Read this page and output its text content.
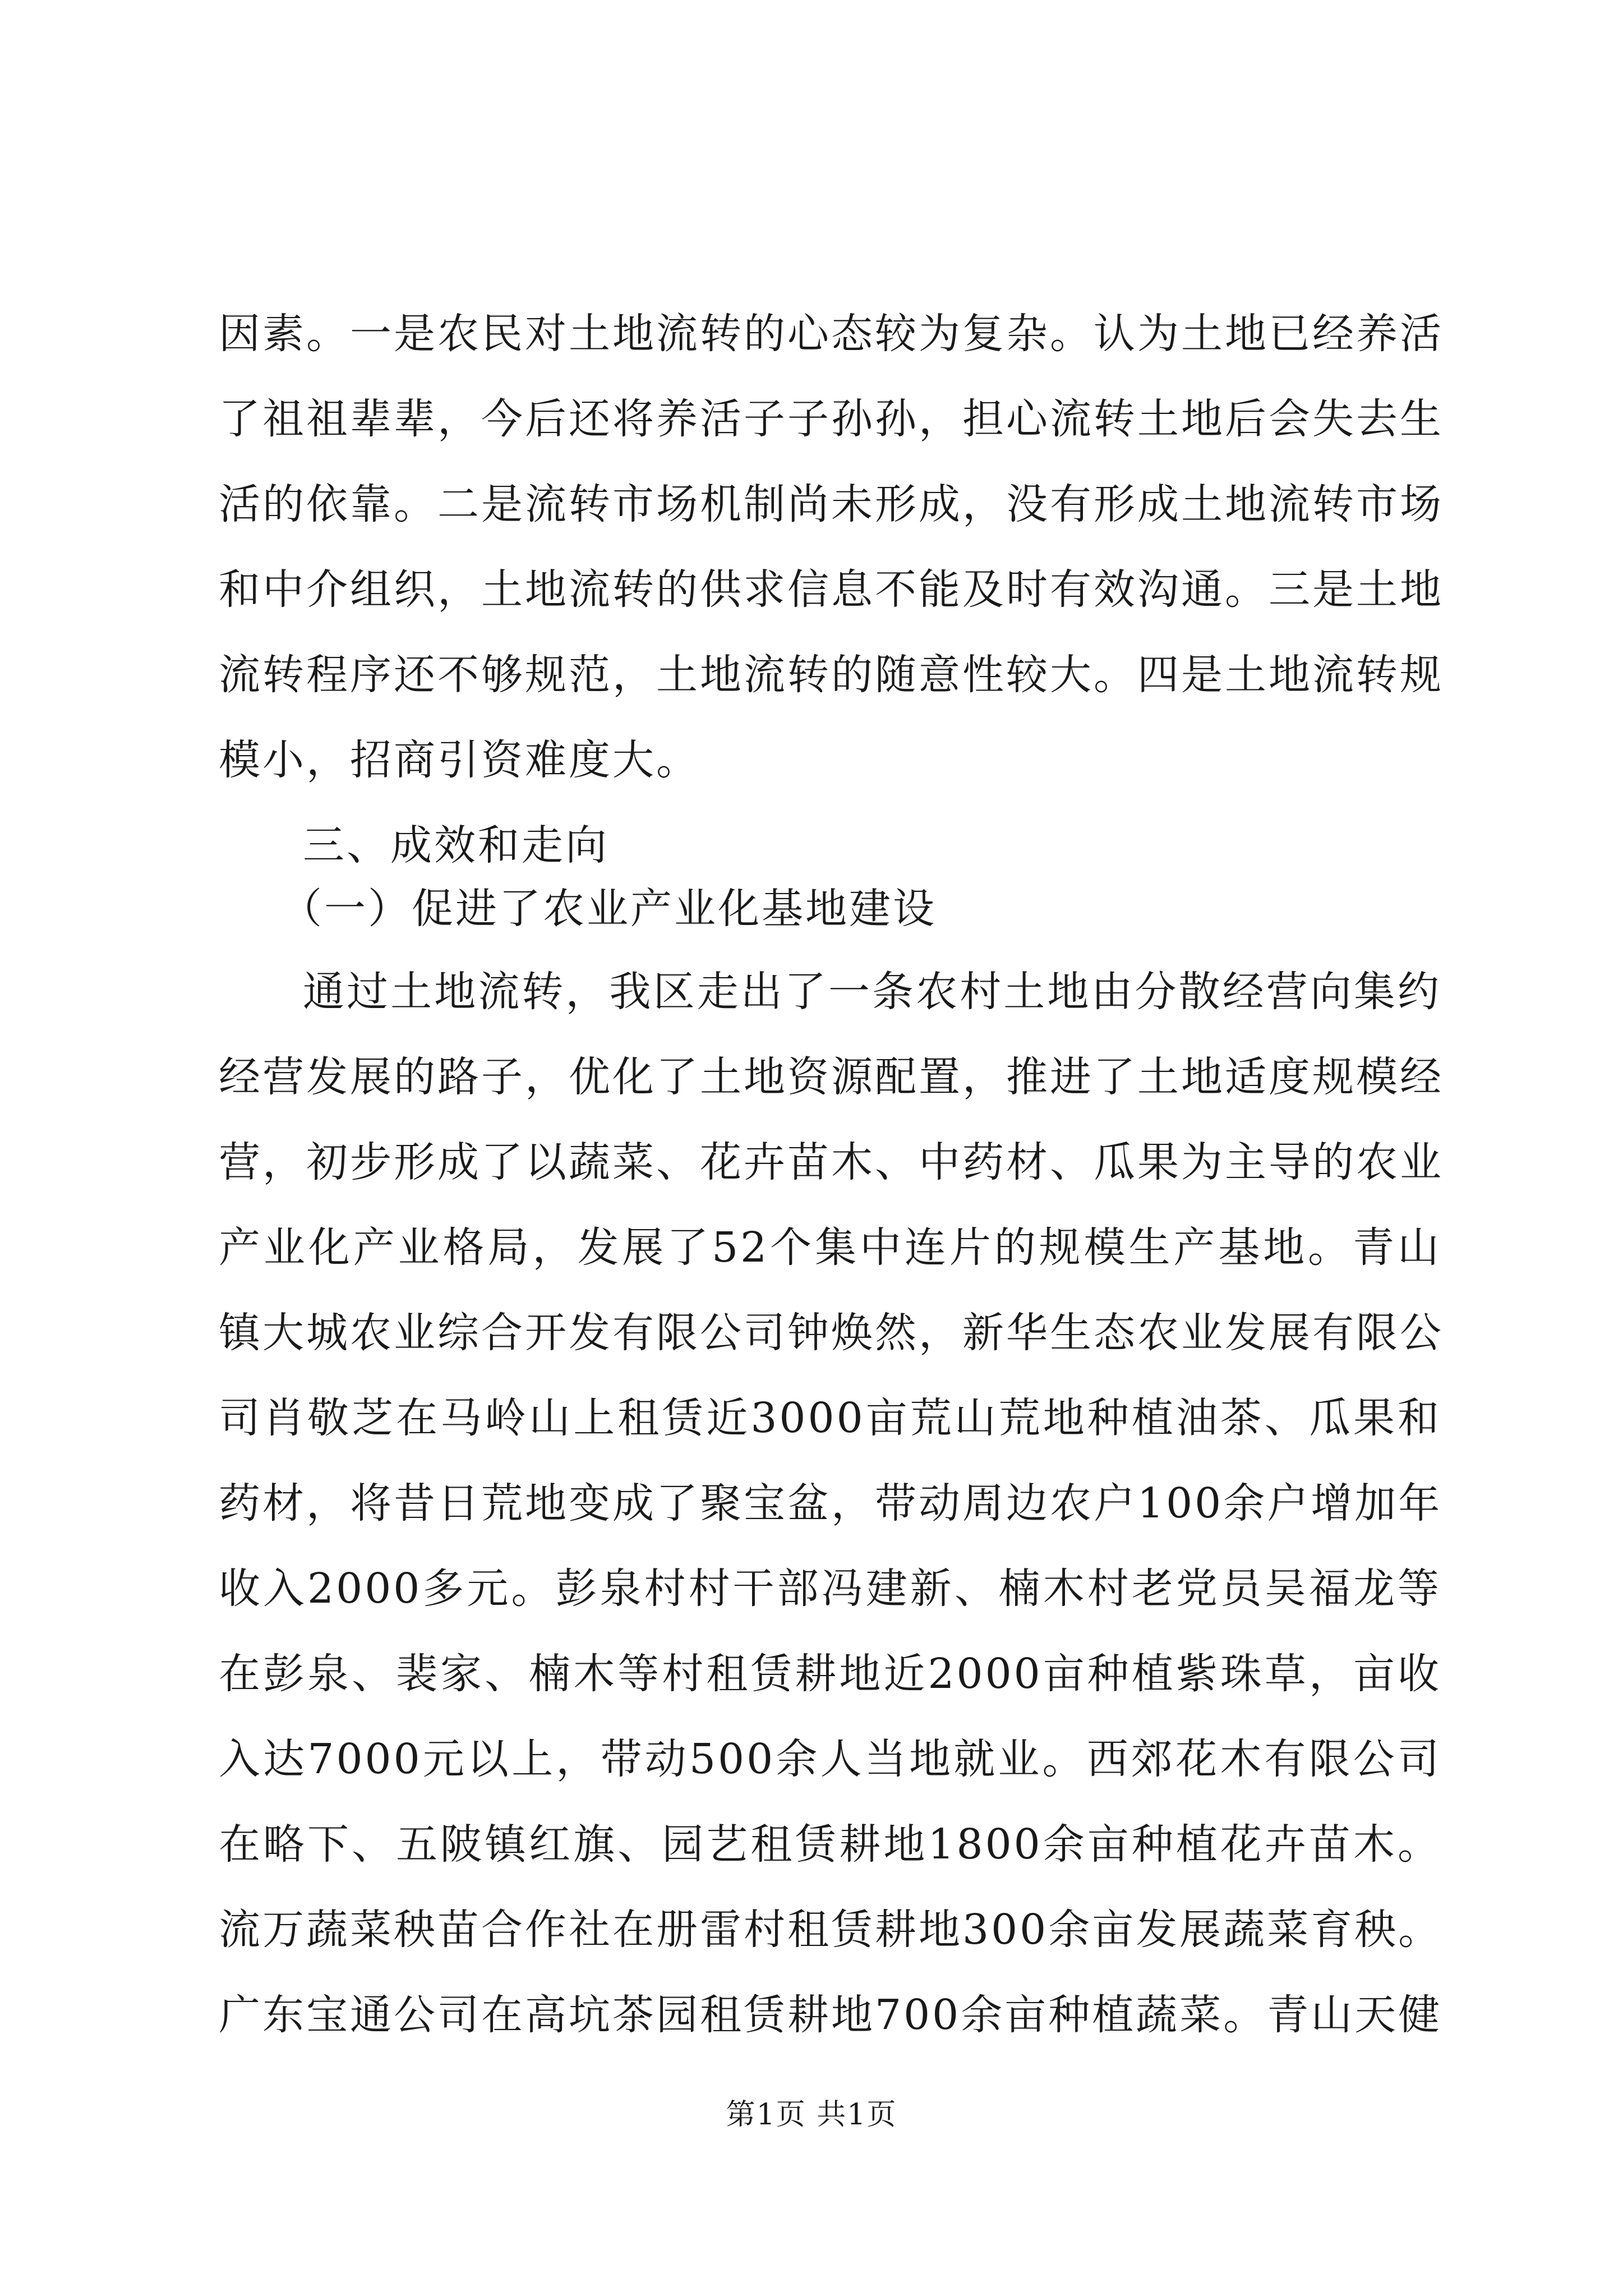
因素。一是农民对土地流转的心态较为复杂。认为土地已经养活
了祖祖辈辈，今后还将养活子子孙孙，担心流转土地后会失去生
活的依靠。二是流转市场机制尚未形成，没有形成土地流转市场
和中介组织，土地流转的供求信息不能及时有效沟通。三是土地
流转程序还不够规范，土地流转的随意性较大。四是土地流转规
模小，招商引资难度大。
三、成效和走向
（一）促进了农业产业化基地建设
通过土地流转，我区走出了一条农村土地由分散经营向集约
经营发展的路子，优化了土地资源配置，推进了土地适度规模经
营，初步形成了以蔬菜、花卉苗木、中药材、瓜果为主导的农业
产业化产业格局，发展了52个集中连片的规模生产基地。青山
镇大城农业综合开发有限公司钟焕然，新华生态农业发展有限公
司肖敬芝在马岭山上租赁近3000亩荒山荒地种植油茶、瓜果和
药材，将昔日荒地变成了聚宝盆，带动周边农户100余户增加年
收入2000多元。彭泉村村干部冯建新、楠木村老党员吴福龙等
在彭泉、裴家、楠木等村租赁耕地近2000亩种植紫珠草，亩收
入达7000元以上，带动500余人当地就业。西郊花木有限公司
在略下、五陂镇红旗、园艺租赁耕地1800余亩种植花卉苗木。
流万蔬菜秧苗合作社在册雷村租赁耕地300余亩发展蔬菜育秧。
广东宝通公司在高坑茶园租赁耕地700余亩种植蔬菜。青山天健
第1页 共1页
